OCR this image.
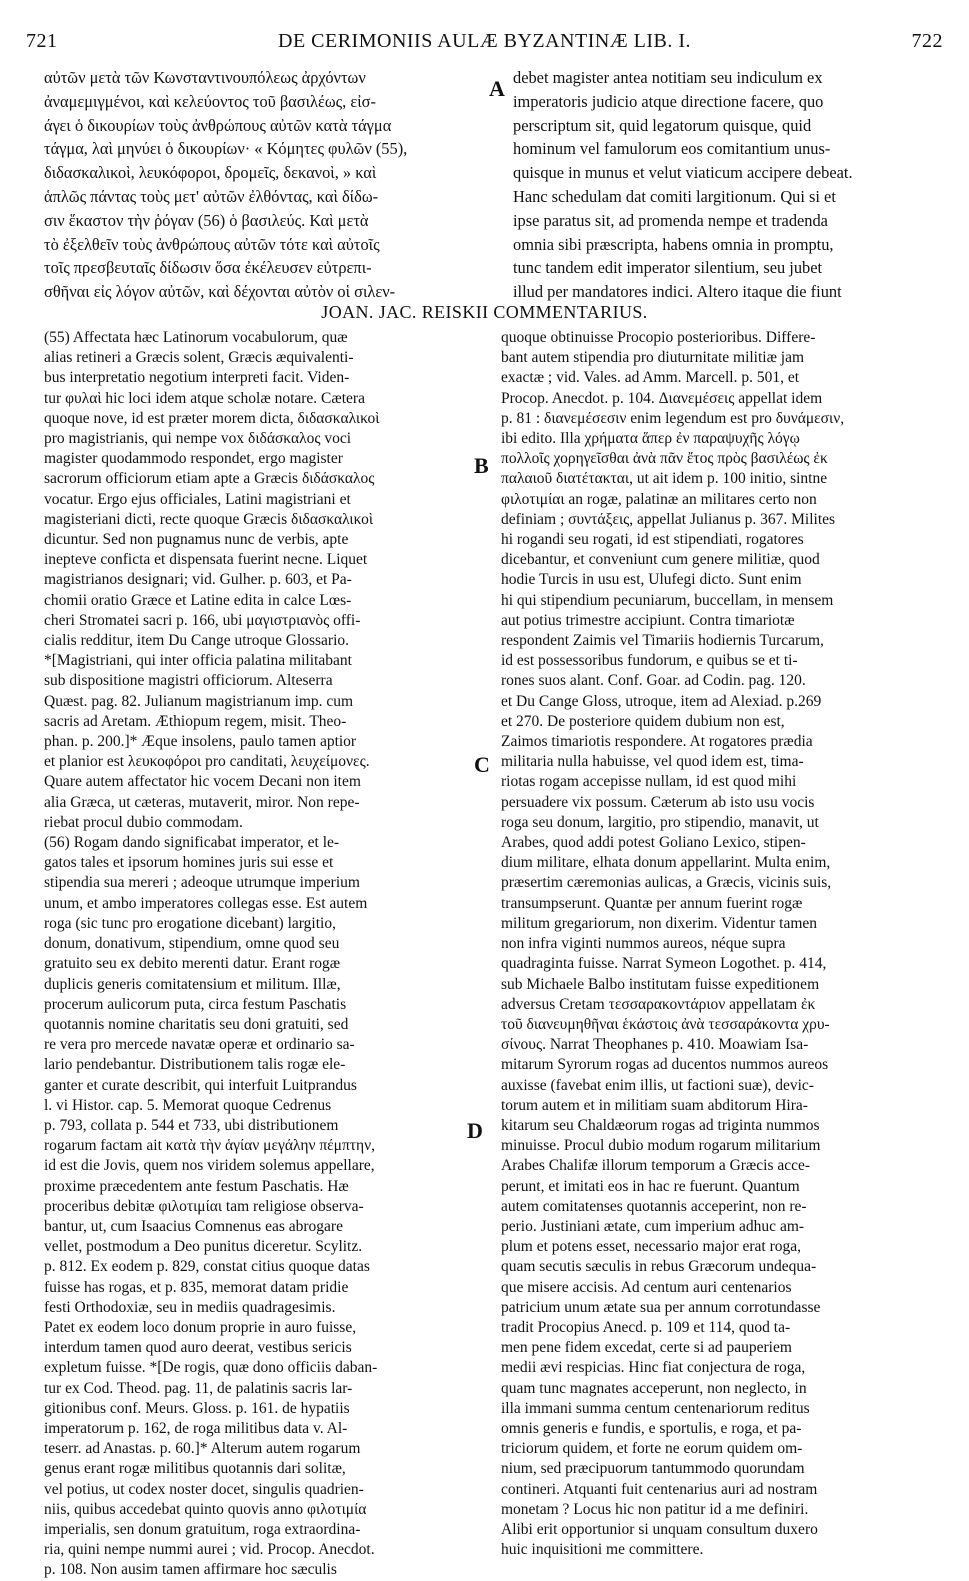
721	DE CERIMONIIS AULÆ BYZANTINÆ LIB. I.	722
αὐτῶν μετὰ τῶν Κωνσταντινουπόλεως ἀρχόντων
ἀναμεμιγμένοι, καὶ κελεύοντος τοῦ βασιλέως, εἰσ-
άγει ὁ δικουρίων τοὺς ἀνθρώπους αὐτῶν κατὰ τάγμα
τάγμα, λαὶ μηνύει ὁ δικουρίων· « Κόμητες φυλῶν (55),
διδασκαλικοὶ, λευκόφοροι, δρομεῖς, δεκανοὶ, » καὶ
ἁπλῶς πάντας τοὺς μετ' αὐτῶν ἐλθόντας, καὶ δίδω-
σιν ἕκαστον τὴν ῥόγαν (56) ὁ βασιλεύς. Καὶ μετὰ
τὸ ἐξελθεῖν τοὺς ἀνθρώπους αὐτῶν τότε καὶ αὐτοῖς
τοῖς πρεσβευταῖς δίδωσιν ὅσα ἐκέλευσεν εὐτρεπι-
σθῆναι εἰς λόγον αὐτῶν, καὶ δέχονται αὐτὸν οἱ σιλεν-
debet magister antea notitiam seu indiculum ex
imperatoris judicio atque directione facere, quo
perscriptum sit, quid legatorum quisque, quid
hominum vel famulorum eos comitantium unus-
quisque in munus et velut viaticum accipere debeat.
Hanc schedulam dat comiti largitionum. Qui si et
ipse paratus sit, ad promenda nempe et tradenda
omnia sibi præscripta, habens omnia in promptu,
tunc tandem edit imperator silentium, seu jubet
illud per mandatores indici. Altero itaque die fiunt
A
B
C
D
JOAN. JAC. REISKII COMMENTARIUS.
(55) Affectata hæc Latinorum vocabulorum, quæ
alias retineri a Græcis solent, Græcis æquivalenti-
bus interpretatio negotium interpreti facit. Viden-
tur φυλαὶ hic loci idem atque scholæ notare. Cætera
quoque nove, id est præter morem dicta, διδασκαλικοὶ
pro magistrianis, qui nempe vox διδάσκαλος voci
magister quodammodo respondet, ergo magister
sacrorum officiorum etiam apte a Græcis διδάσκαλος
vocatur. Ergo ejus officiales, Latini magistriani et
magisteriani dicti, recte quoque Græcis διδασκαλικοὶ
dicuntur. Sed non pugnamus nunc de verbis, apte
inepteve conficta et dispensata fuerint necne. Liquet
magistrianos designari; vid. Gulher. p. 603, et Pa-
chomii oratio Græce et Latine edita in calce Lœs-
cheri Stromatei sacri p. 166, ubi μαγιστριανὸς offi-
cialis redditur, item Du Cange utroque Glossario.
*[Magistriani, qui inter officia palatina militabant
sub dispositione magistri officiorum. Alteserra
Quæst. pag. 82. Julianum magistrianum imp. cum
sacris ad Aretam. Æthiopum regem, misit. Theo-
phan. p. 200.]* Æque insolens, paulo tamen aptior
et planior est λευκοφόροι pro canditati, λευχείμονες.
Quare autem affectator hic vocem Decani non item
alia Græca, ut cæteras, mutaverit, miror. Non repe-
riebat procul dubio commodam.
(56) Rogam dando significabat imperator, et le-
gatos tales et ipsorum homines juris sui esse et
stipendia sua mereri ; adeoque utrumque imperium
unum, et ambo imperatores collegas esse. Est autem
roga (sic tunc pro erogatione dicebant) largitio,
donum, donativum, stipendium, omne quod seu
gratuito seu ex debito merenti datur. Erant rogæ
duplicis generis comitatensium et militum. Illæ,
procerum aulicorum puta, circa festum Paschatis
quotannis nomine charitatis seu doni gratuiti, sed
re vera pro mercede navatæ operæ et ordinario sa-
lario pendebantur. Distributionem talis rogæ ele-
ganter et curate describit, qui interfuit Luitprandus
l. vi Histor. cap. 5. Memorat quoque Cedrenus
p. 793, collata p. 544 et 733, ubi distributionem
rogarum factam ait κατὰ τὴν ἁγίαν μεγάλην πέμπτην,
id est die Jovis, quem nos viridem solemus appellare,
proxime præcedentem ante festum Paschatis. Hæ
proceribus debitæ φιλοτιμίαι tam religiose observa-
bantur, ut, cum Isaacius Comnenus eas abrogare
vellet, postmodum a Deo punitus diceretur. Scylitz.
p. 812. Ex eodem p. 829, constat citius quoque datas
fuisse has rogas, et p. 835, memorat datam pridie
festi Orthodoxiæ, seu in mediis quadragesimis.
Patet ex eodem loco donum proprie in auro fuisse,
interdum tamen quod auro deerat, vestibus sericis
expletum fuisse. *[De rogis, quæ dono officiis daban-
tur ex Cod. Theod. pag. 11, de palatinis sacris lar-
gitionibus conf. Meurs. Gloss. p. 161. de hypatiis
imperatorum p. 162, de roga militibus data v. Al-
teserr. ad Anastas. p. 60.]* Alterum autem rogarum
genus erant rogæ militibus quotannis dari solitæ,
vel potius, ut codex noster docet, singulis quadrien-
niis, quibus accedebat quinto quovis anno φιλοτιμία
imperialis, sen donum gratuitum, roga extraordina-
ria, quini nempe nummi aurei ; vid. Procop. Anecdot.
p. 108. Non ausim tamen affirmare hoc sæculis
quoque obtinuisse Procopio posterioribus. Differe-
bant autem stipendia pro diuturnitate militiæ jam
exactæ ; vid. Vales. ad Amm. Marcell. p. 501, et
Procop. Anecdot. p. 104. Διανεμέσεις appellat idem
p. 81 : διανεμέσεσιν enim legendum est pro δυνάμεσιν,
ibi edito. Illa χρήματα ἅπερ ἐν παραψυχῆς λόγῳ
πολλοῖς χορηγεῖσθαι ἀνὰ πᾶν ἔτος πρὸς βασιλέως ἐκ
παλαιοῦ διατέτακται, ut ait idem p. 100 initio, sintne
φιλοτιμίαι an rogæ, palatinæ an militares certo non
definiam ; συντάξεις, appellat Julianus p. 367. Milites
hi rogandi seu rogati, id est stipendiati, rogatores
dicebantur, et conveniunt cum genere militiæ, quod
hodie Turcis in usu est, Ulufegi dicto. Sunt enim
hi qui stipendium pecuniarum, buccellam, in mensem
aut potius trimestre accipiunt. Contra timariotæ
respondent Zaimis vel Timariis hodiernis Turcarum,
id est possessoribus fundorum, e quibus se et ti-
rones suos alant. Conf. Goar. ad Codin. pag. 120.
et Du Cange Gloss, utroque, item ad Alexiad. p.269
et 270. De posteriore quidem dubium non est,
Zaimos timariotis respondere. At rogatores prædia
militaria nulla habuisse, vel quod idem est, tima-
riotas rogam accepisse nullam, id est quod mihi
persuadere vix possum. Cæterum ab isto usu vocis
roga seu donum, largitio, pro stipendio, manavit, ut
Arabes, quod addi potest Goliano Lexico, stipen-
dium militare, elhata donum appellarint. Multa enim,
præsertim cæremonias aulicas, a Græcis, vicinis suis,
transumpserunt. Quantæ per annum fuerint rogæ
militum gregariorum, non dixerim. Videntur tamen
non infra viginti nummos aureos, néque supra
quadraginta fuisse. Narrat Symeon Logothet. p. 414,
sub Michaele Balbo institutam fuisse expeditionem
adversus Cretam τεσσαρακοντάριον appellatam ἐκ
τοῦ διανευμηθῆναι ἑκάστοις ἀνὰ τεσσαράκοντα χρυ-
σίνους. Narrat Theophanes p. 410. Moawiam Isa-
mitarum Syrorum rogas ad ducentos nummos aureos
auxisse (favebat enim illis, ut factioni suæ), devic-
torum autem et in militiam suam abditorum Hira-
kitarum seu Chaldæorum rogas ad triginta nummos
minuisse. Procul dubio modum rogarum militarium
Arabes Chalifæ illorum temporum a Græcis acce-
perunt, et imitati eos in hac re fuerunt. Quantum
autem comitatenses quotannis acceperint, non re-
perio. Justiniani ætate, cum imperium adhuc am-
plum et potens esset, necessario major erat roga,
quam secutis sæculis in rebus Græcorum undequa-
que misere accisis. Ad centum auri centenarios
patricium unum ætate sua per annum corrotundasse
tradit Procopius Anecd. p. 109 et 114, quod ta-
men pene fidem excedat, certe si ad pauperiem
medii ævi respicias. Hinc fiat conjectura de roga,
quam tunc magnates acceperunt, non neglecto, in
illa immani summa centum centenariorum reditus
omnis generis e fundis, e sportulis, e roga, et pa-
triciorum quidem, et forte ne eorum quidem om-
nium, sed præcipuorum tantummodo quorundam
contineri. Atquanti fuit centenarius auri ad nostram
monetam ? Locus hic non patitur id a me definiri.
Alibi erit opportunior si unquam consultum duxero
huic inquisitioni me committere.
